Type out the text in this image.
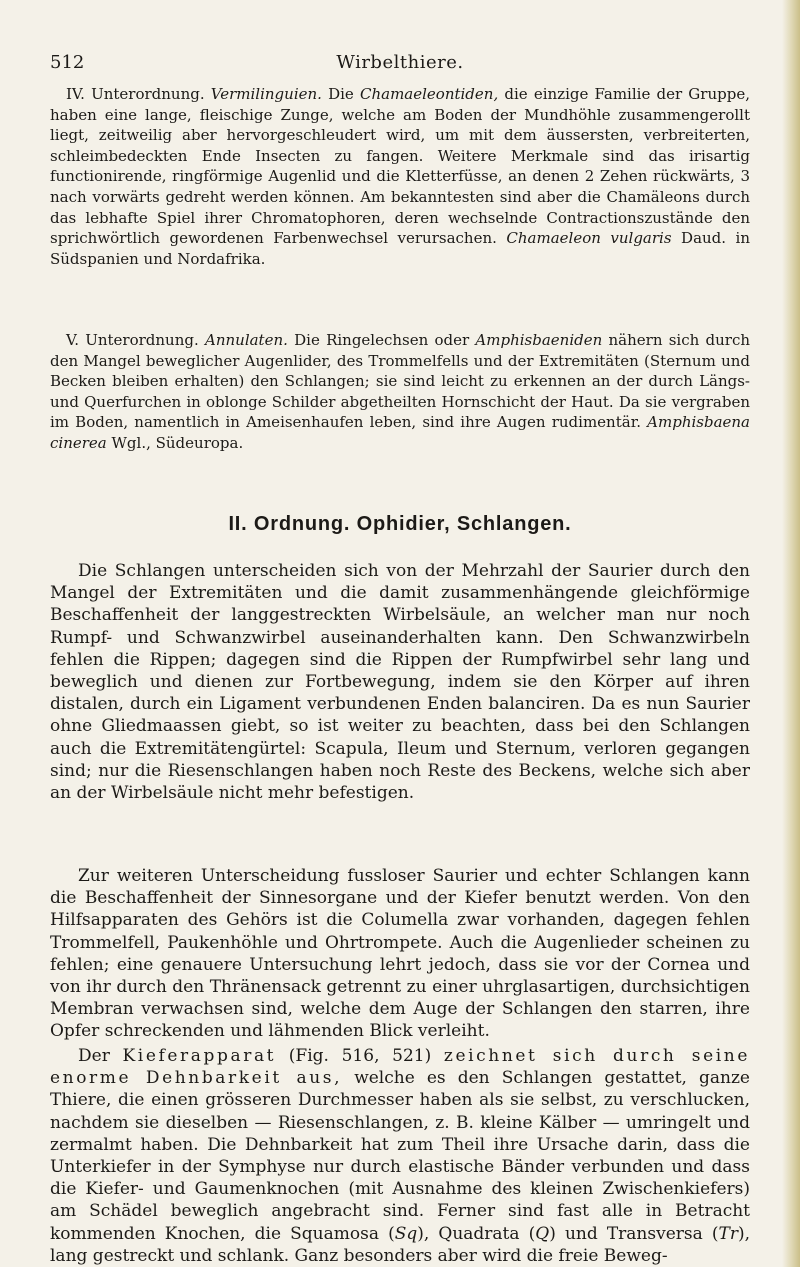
512	Wirbelthiere.

IV. Unterordnung. Vermilinguien. Die Chamaeleontiden, die einzige Familie der Gruppe, haben eine lange, fleischige Zunge, welche am Boden der Mundhöhle zusammengerollt liegt, zeitweilig aber hervorgeschleudert wird, um mit dem äussersten, verbreiterten, schleimbedeckten Ende Insecten zu fangen. Weitere Merkmale sind das irisartig functionirende, ringförmige Augenlid und die Kletterfüsse, an denen 2 Zehen rückwärts, 3 nach vorwärts gedreht werden können. Am bekanntesten sind aber die Chamäleons durch das lebhafte Spiel ihrer Chromatophoren, deren wechselnde Contractionszustände den sprichwörtlich gewordenen Farbenwechsel verursachen. Chamaeleon vulgaris Daud. in Südspanien und Nordafrika.

V. Unterordnung. Annulaten. Die Ringelechsen oder Amphisbaeniden nähern sich durch den Mangel beweglicher Augenlider, des Trommelfells und der Extremitäten (Sternum und Becken bleiben erhalten) den Schlangen; sie sind leicht zu erkennen an der durch Längs- und Querfurchen in oblonge Schilder abgetheilten Hornschicht der Haut. Da sie vergraben im Boden, namentlich in Ameisenhaufen leben, sind ihre Augen rudimentär. Amphisbaena cinerea Wgl., Südeuropa.

II. Ordnung. Ophidier, Schlangen.

Die Schlangen unterscheiden sich von der Mehrzahl der Saurier durch den Mangel der Extremitäten und die damit zusammenhängende gleichförmige Beschaffenheit der langgestreckten Wirbelsäule, an welcher man nur noch Rumpf- und Schwanzwirbel auseinanderhalten kann. Den Schwanzwirbeln fehlen die Rippen; dagegen sind die Rippen der Rumpfwirbel sehr lang und beweglich und dienen zur Fortbewegung, indem sie den Körper auf ihren distalen, durch ein Ligament verbundenen Enden balanciren. Da es nun Saurier ohne Gliedmaassen giebt, so ist weiter zu beachten, dass bei den Schlangen auch die Extremitätengürtel: Scapula, Ileum und Sternum, verloren gegangen sind; nur die Riesenschlangen haben noch Reste des Beckens, welche sich aber an der Wirbelsäule nicht mehr befestigen.

Zur weiteren Unterscheidung fussloser Saurier und echter Schlangen kann die Beschaffenheit der Sinnesorgane und der Kiefer benutzt werden. Von den Hilfsapparaten des Gehörs ist die Columella zwar vorhanden, dagegen fehlen Trommelfell, Paukenhöhle und Ohrtrompete. Auch die Augenlieder scheinen zu fehlen; eine genauere Untersuchung lehrt jedoch, dass sie vor der Cornea und von ihr durch den Thränensack getrennt zu einer uhrglasartigen, durchsichtigen Membran verwachsen sind, welche dem Auge der Schlangen den starren, ihre Opfer schreckenden und lähmenden Blick verleiht.

Der Kieferapparat (Fig. 516, 521) zeichnet sich durch seine enorme Dehnbarkeit aus, welche es den Schlangen gestattet, ganze Thiere, die einen grösseren Durchmesser haben als sie selbst, zu verschlucken, nachdem sie dieselben — Riesenschlangen, z. B. kleine Kälber — umringelt und zermalmt haben. Die Dehnbarkeit hat zum Theil ihre Ursache darin, dass die Unterkiefer in der Symphyse nur durch elastische Bänder verbunden und dass die Kiefer- und Gaumenknochen (mit Ausnahme des kleinen Zwischenkiefers) am Schädel beweglich angebracht sind. Ferner sind fast alle in Betracht kommenden Knochen, die Squamosa (Sq), Quadrata (Q) und Transversa (Tr), lang gestreckt und schlank. Ganz besonders aber wird die freie Beweg-
